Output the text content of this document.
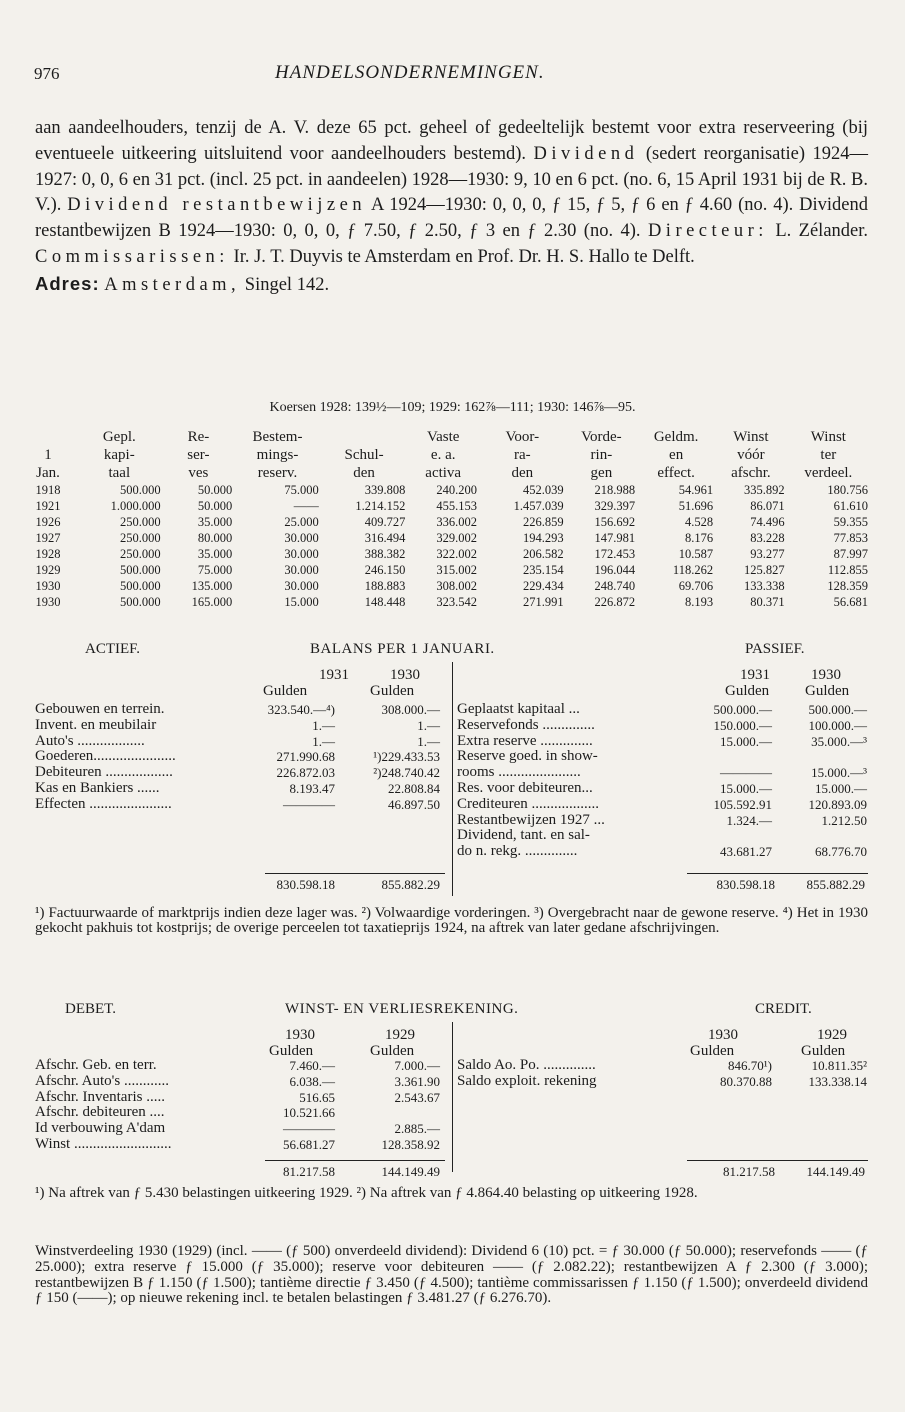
976	HANDELSONDERNEMINGEN.
aan aandeelhouders, tenzij de A. V. deze 65 pct. geheel of gedeeltelijk bestemt voor extra reserveering (bij eventueele uitkeering uitsluitend voor aandeelhouders bestemd). Dividend (sedert reorganisatie) 1924—1927: 0, 0, 6 en 31 pct. (incl. 25 pct. in aandeelen) 1928—1930: 9, 10 en 6 pct. (no. 6, 15 April 1931 bij de R. B. V.). Dividend restantbewijzen A 1924—1930: 0, 0, 0, ƒ 15, ƒ 5, ƒ 6 en ƒ 4.60 (no. 4). Dividend restantbewijzen B 1924—1930: 0, 0, 0, ƒ 7.50, ƒ 2.50, ƒ 3 en ƒ 2.30 (no. 4). Directeur: L. Zélander. Commissarissen: Ir. J. T. Duyvis te Amsterdam en Prof. Dr. H. S. Hallo te Delft.
Adres: Amsterdam, Singel 142.
Koersen 1928: 139½—109; 1929: 162⅞—111; 1930: 146⅞—95.
	Gepl.	Re-	Bestem-		Vaste	Voor-	Vorde-	Geldm.	Winst	Winst
1	kapi-	ser-	mings-	Schul-	e. a.	ra-	rin-	en	vóór	ter
Jan.	taal	ves	reserv.	den	activa	den	gen	effect.	afschr.	verdeel.
1918	500.000	50.000	75.000	339.808	240.200	452.039	218.988	54.961	335.892	180.756
1921	1.000.000	50.000	——	1.214.152	455.153	1.457.039	329.397	51.696	86.071	61.610
1926	250.000	35.000	25.000	409.727	336.002	226.859	156.692	4.528	74.496	59.355
1927	250.000	80.000	30.000	316.494	329.002	194.293	147.981	8.176	83.228	77.853
1928	250.000	35.000	30.000	388.382	322.002	206.582	172.453	10.587	93.277	87.997
1929	500.000	75.000	30.000	246.150	315.002	235.154	196.044	118.262	125.827	112.855
1930	500.000	135.000	30.000	188.883	308.002	229.434	248.740	69.706	133.338	128.359
1930	500.000	165.000	15.000	148.448	323.542	271.991	226.872	8.193	80.371	56.681
ACTIEF.	BALANS PER 1 JANUARI.	PASSIEF.
1931	1930
Gulden	Gulden
1931	1930
Gulden Gulden
Gebouwen en terrein.	323.540.—⁴)	308.000.—
Invent. en meubilair	1.—	1.—
Auto's ..................	1.—	1.—
Goederen......................	271.990.68	¹)229.433.53
Debiteuren ..................	226.872.03	²)248.740.42
Kas en Bankiers ......	8.193.47	22.808.84
Effecten ......................	————	46.897.50
Geplaatst kapitaal ...	500.000.—	500.000.—
Reservefonds ..............	150.000.—	100.000.—
Extra reserve ..............	15.000.—	35.000.—³
Reserve goed. in show-
rooms ......................	————	15.000.—³
Res. voor debiteuren...	15.000.—	15.000.—
Crediteuren ..................	105.592.91	120.893.09
Restantbewijzen 1927 ...	1.324.—	1.212.50
Dividend, tant. en sal-
do n. rekg. ..............	43.681.27	68.776.70
830.598.18	855.882.29	830.598.18	855.882.29
¹) Factuurwaarde of marktprijs indien deze lager was. ²) Volwaardige vorderingen. ³) Overgebracht naar de gewone reserve. ⁴) Het in 1930 gekocht pakhuis tot kostprijs; de overige perceelen tot taxatieprijs 1924, na aftrek van later gedane afschrijvingen.
DEBET.	WINST- EN VERLIESREKENING.	CREDIT.
1930	1929
Gulden	Gulden
1930	1929
Gulden	Gulden
Afschr. Geb. en terr.	7.460.—	7.000.—
Afschr. Auto's ............	6.038.—	3.361.90
Afschr. Inventaris .....	516.65	2.543.67
Afschr. debiteuren ....	10.521.66
Id verbouwing A'dam	————	2.885.—
Winst ..........................	56.681.27	128.358.92
Saldo Ao. Po. ..............	846.70¹)	10.811.35²
Saldo exploit. rekening	80.370.88	133.338.14
81.217.58	144.149.49	81.217.58	144.149.49
¹) Na aftrek van ƒ 5.430 belastingen uitkeering 1929. ²) Na aftrek van ƒ 4.864.40 belasting op uitkeering 1928.
Winstverdeeling 1930 (1929) (incl. —— (ƒ 500) onverdeeld dividend): Dividend 6 (10) pct. = ƒ 30.000 (ƒ 50.000); reservefonds —— (ƒ 25.000); extra reserve ƒ 15.000 (ƒ 35.000); reserve voor debiteuren —— (ƒ 2.082.22); restantbewijzen A ƒ 2.300 (ƒ 3.000); restantbewijzen B ƒ 1.150 (ƒ 1.500); tantième directie ƒ 3.450 (ƒ 4.500); tantième commissarissen ƒ 1.150 (ƒ 1.500); onverdeeld dividend ƒ 150 (——); op nieuwe rekening incl. te betalen belastingen ƒ 3.481.27 (ƒ 6.276.70).
